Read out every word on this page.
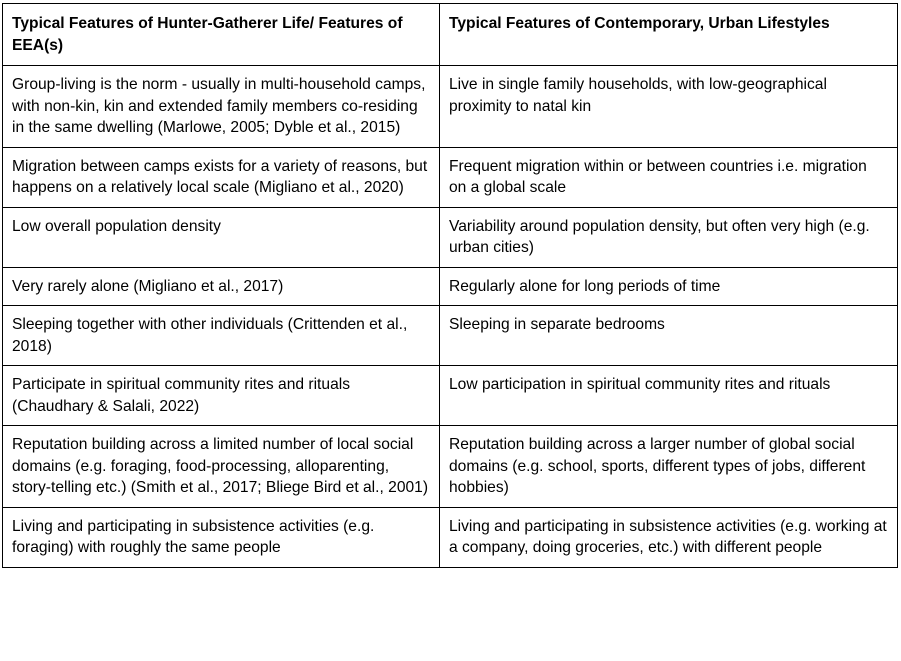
Typical Features of Hunter-Gatherer Life/ Features of EEA(s)	Typical Features of Contemporary, Urban Lifestyles
Group-living is the norm - usually in multi-household camps, with non-kin, kin and extended family members co-residing in the same dwelling (Marlowe, 2005; Dyble et al., 2015)	Live in single family households, with low-geographical proximity to natal kin
Migration between camps exists for a variety of reasons, but happens on a relatively local scale (Migliano et al., 2020)	Frequent migration within or between countries i.e. migration on a global scale
Low overall population density	Variability around population density, but often very high (e.g. urban cities)
Very rarely alone (Migliano et al., 2017)	Regularly alone for long periods of time
Sleeping together with other individuals (Crittenden et al., 2018)	Sleeping in separate bedrooms
Participate in spiritual community rites and rituals (Chaudhary & Salali, 2022)	Low participation in spiritual community rites and rituals
Reputation building across a limited number of local social domains (e.g. foraging, food-processing, alloparenting, story-telling etc.) (Smith et al., 2017; Bliege Bird et al., 2001)	Reputation building across a larger number of global social domains (e.g. school, sports, different types of jobs, different hobbies)
Living and participating in subsistence activities (e.g. foraging) with roughly the same people	Living and participating in subsistence activities (e.g. working at a company, doing groceries, etc.) with different people
